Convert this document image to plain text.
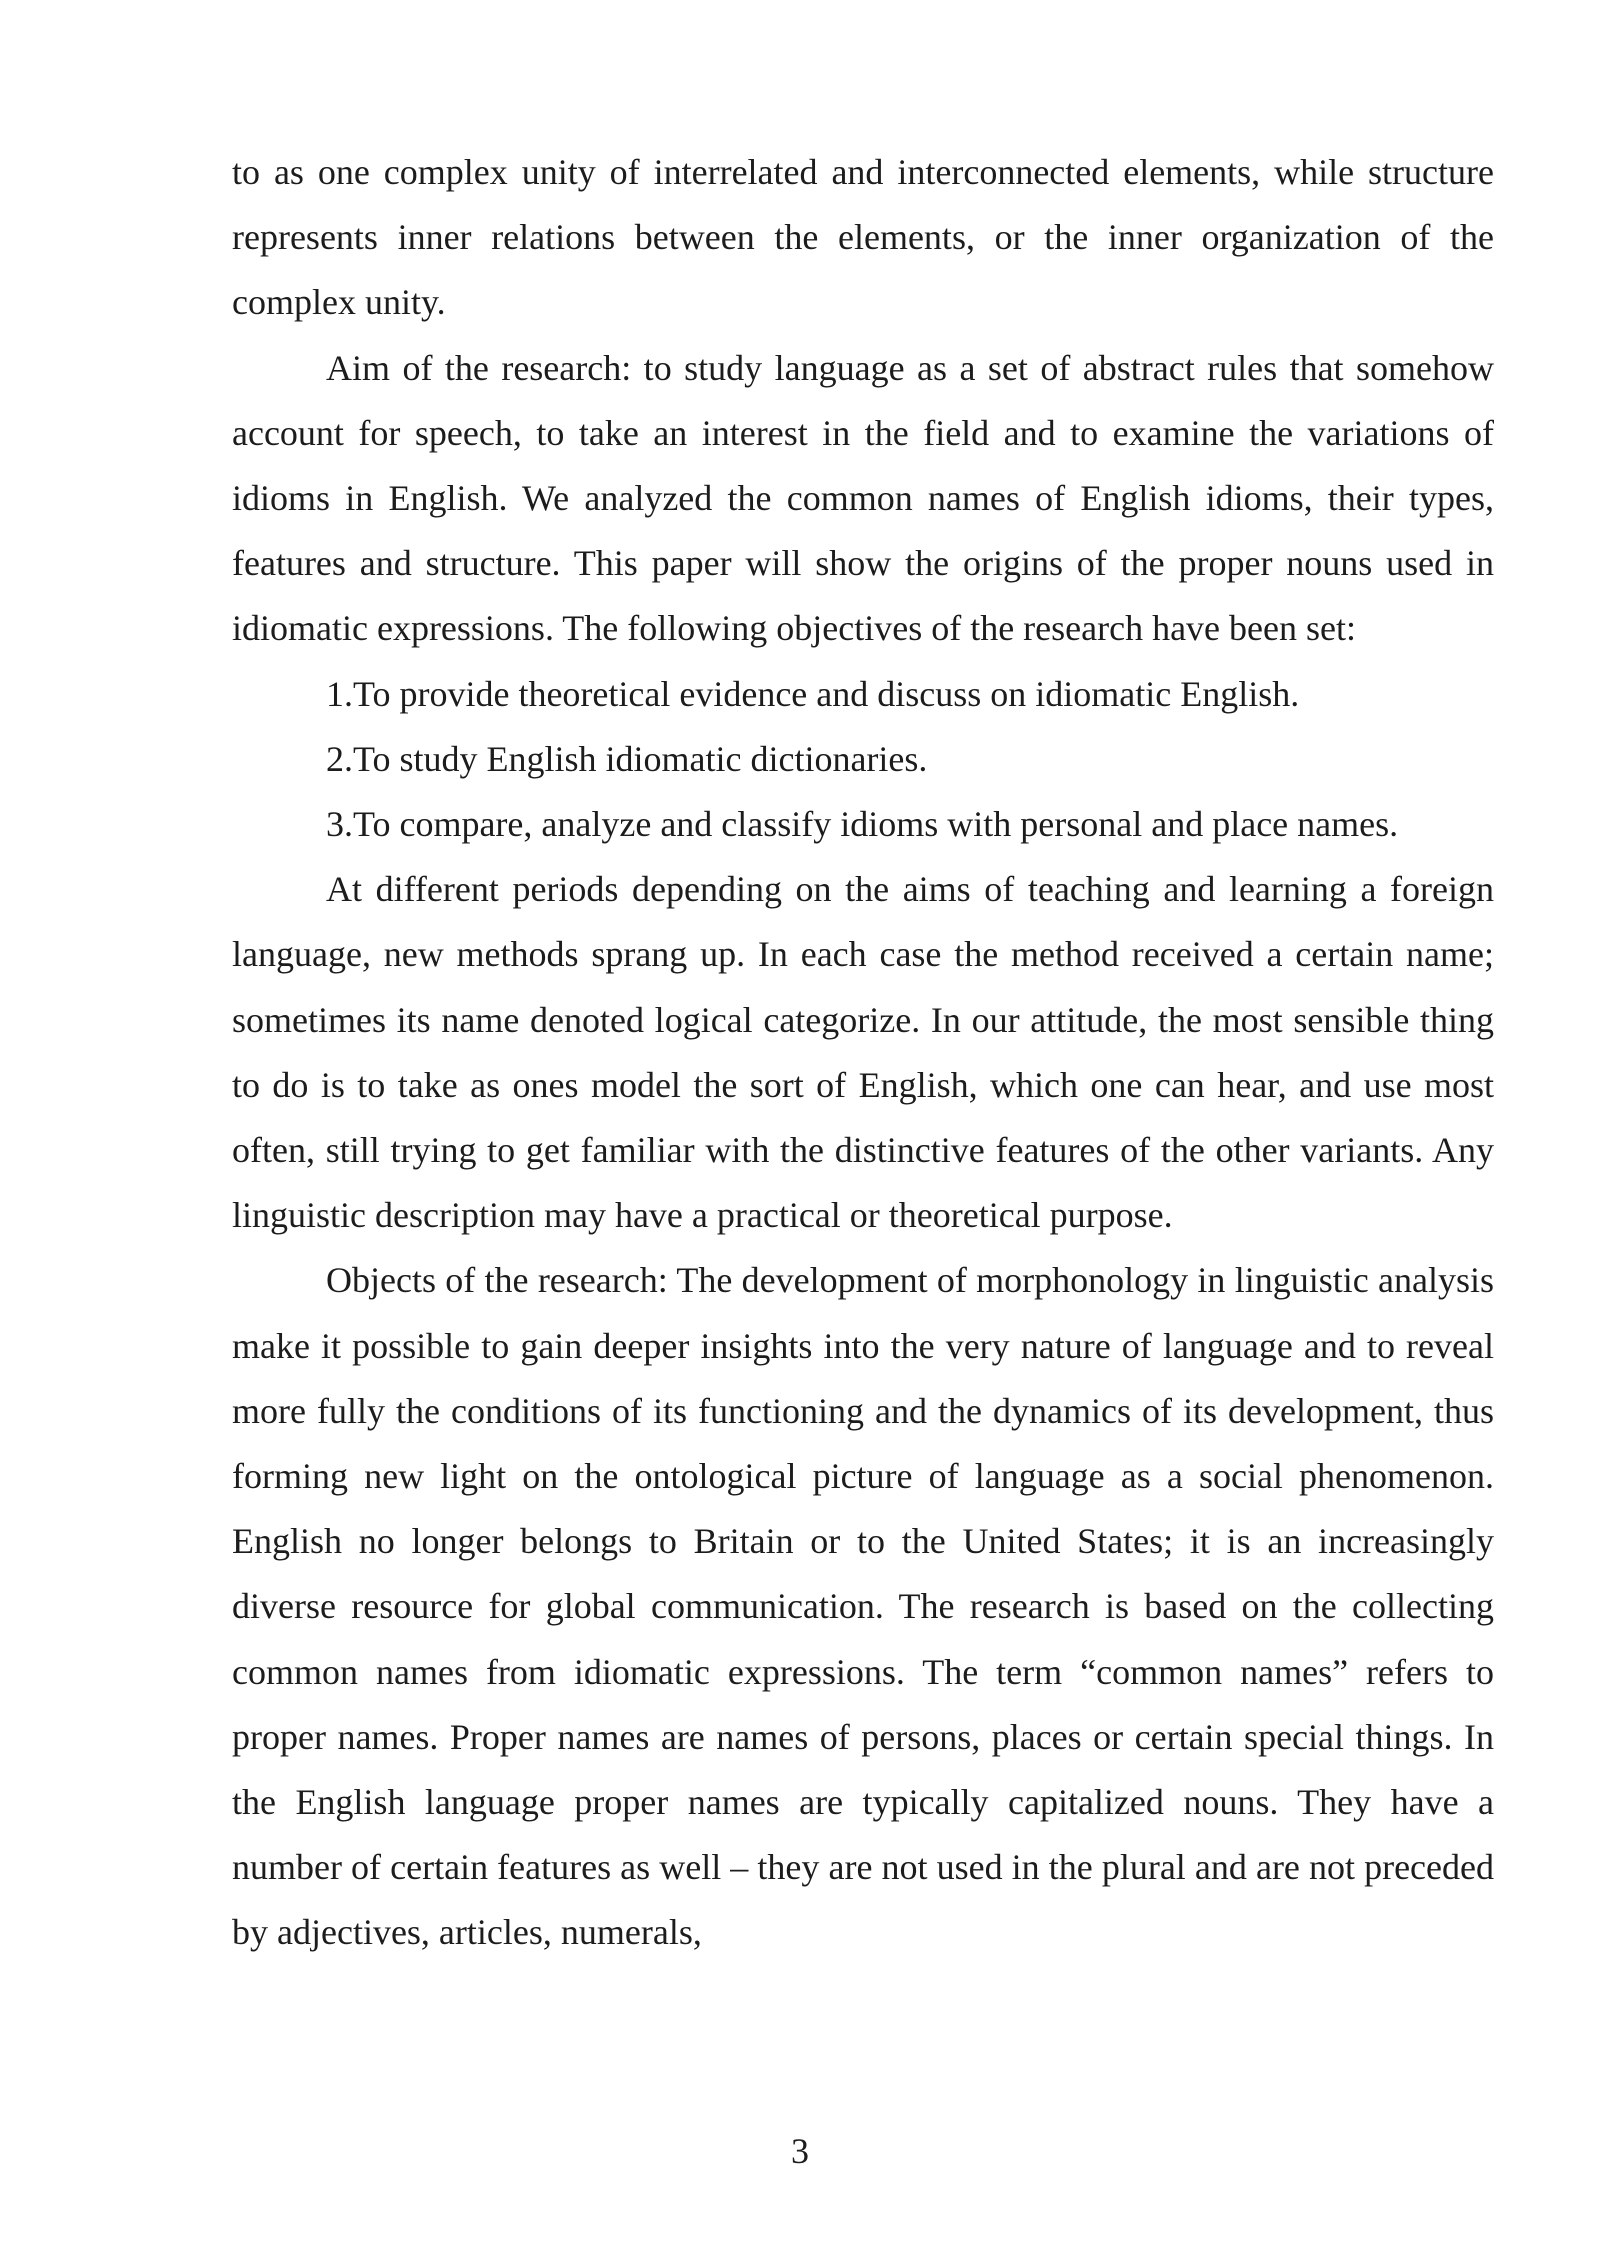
to as one complex unity of interrelated and interconnected elements, while structure represents inner relations between the elements, or the inner organization of the complex unity.

Aim of the research: to study language as a set of abstract rules that somehow account for speech, to take an interest in the field and to examine the variations of idioms in English. We analyzed the common names of English idioms, their types, features and structure. This paper will show the origins of the proper nouns used in idiomatic expressions. The following objectives of the research have been set:

1.To provide theoretical evidence and discuss on idiomatic English.

2.To study English idiomatic dictionaries.

3.To compare, analyze and classify idioms with personal and place names.

At different periods depending on the aims of teaching and learning a foreign language, new methods sprang up. In each case the method received a certain name; sometimes its name denoted logical categorize. In our attitude, the most sensible thing to do is to take as ones model the sort of English, which one can hear, and use most often, still trying to get familiar with the distinctive features of the other variants. Any linguistic description may have a practical or theoretical purpose.

Objects of the research: The development of morphonology in linguistic analysis make it possible to gain deeper insights into the very nature of language and to reveal more fully the conditions of its functioning and the dynamics of its development, thus forming new light on the ontological picture of language as a social phenomenon. English no longer belongs to Britain or to the United States; it is an increasingly diverse resource for global communication. The research is based on the collecting common names from idiomatic expressions. The term “common names” refers to proper names. Proper names are names of persons, places or certain special things. In the English language proper names are typically capitalized nouns. They have a number of certain features as well – they are not used in the plural and are not preceded by adjectives, articles, numerals,

3
